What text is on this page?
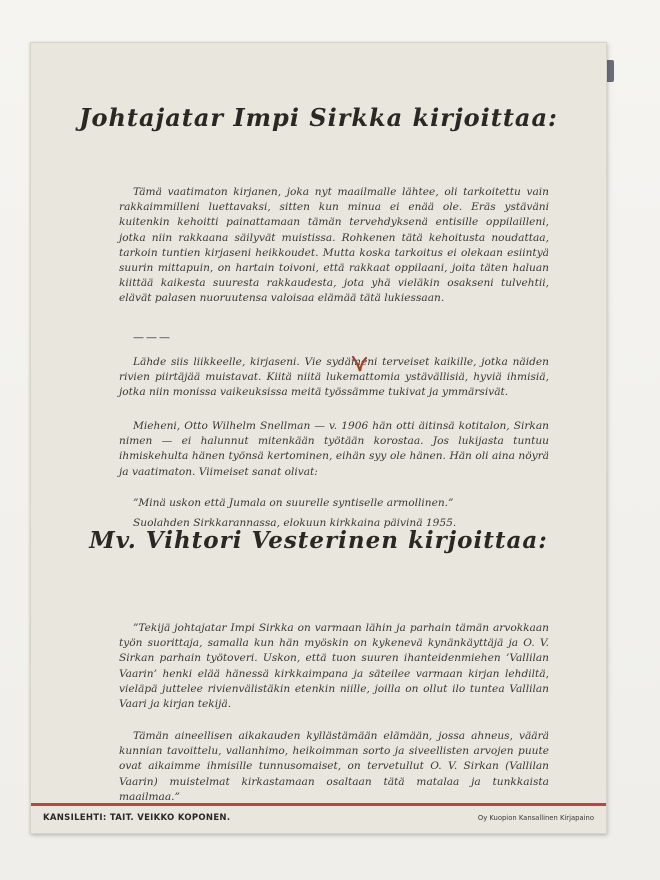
Johtajatar Impi Sirkka kirjoittaa:

Tämä vaatimaton kirjanen, joka nyt maailmalle lähtee, oli tarkoitettu vain rakkaimmilleni luettavaksi, sitten kun minua ei enää ole. Eräs ystäväni kuitenkin kehoitti painattamaan tämän tervehdyksenä entisille oppilailleni, jotka niin rakkaana säilyvät muistissa. Rohkenen tätä kehoitusta noudattaa, tarkoin tuntien kirjaseni heikkoudet. Mutta koska tarkoitus ei olekaan esiintyä suurin mittapuin, on hartain toivoni, että rakkaat oppilaani, joita täten haluan kiittää kaikesta suuresta rakkaudesta, jota yhä vieläkin osakseni tulvehtii, elävät palasen nuoruutensa valoisaa elämää tätä lukiessaan.

———

Lähde siis liikkeelle, kirjaseni. Vie sydämeni terveiset kaikille, jotka näiden rivien piirtäjää muistavat. Kiitä niitä lukemattomia ystävällisiä, hyviä ihmisiä, jotka niin monissa vaikeuksissa meitä työssämme tukivat ja ymmärsivät.

Mieheni, Otto Wilhelm Snellman — v. 1906 hän otti äitinsä kotitalon, Sirkan nimen — ei halunnut mitenkään työtään korostaa. Jos lukijasta tuntuu ihmiskehulta hänen työnsä kertominen, eihän syy ole hänen. Hän oli aina nöyrä ja vaatimaton. Viimeiset sanat olivat:

”Minä uskon että Jumala on suurelle syntiselle armollinen.”
Suolahden Sirkkarannassa, elokuun kirkkaina päivinä 1955.
Mv. Vihtori Vesterinen kirjoittaa:

”Tekijä johtajatar Impi Sirkka on varmaan lähin ja parhain tämän arvokkaan työn suorittaja, samalla kun hän myöskin on kykenevä kynänkäyttäjä ja O. V. Sirkan parhain työtoveri. Uskon, että tuon suuren ihanteidenmiehen ’Vallilan Vaarin’ henki elää hänessä kirkkaimpana ja säteilee varmaan kirjan lehdiltä, vieläpä juttelee rivienvälistäkin etenkin niille, joilla on ollut ilo tuntea Vallilan Vaari ja kirjan tekijä.

Tämän aineellisen aikakauden kyllästämään elämään, jossa ahneus, väärä kunnian tavoittelu, vallanhimo, heikoimman sorto ja siveellisten arvojen puute ovat aikaimme ihmisille tunnusomaiset, on tervetullut O. V. Sirkan (Vallilan Vaarin) muistelmat kirkastamaan osaltaan tätä matalaa ja tunkkaista maailmaa.”

KANSILEHTI: TAIT. VEIKKO KOPONEN.	Oy Kuopion Kansallinen Kirjapaino
